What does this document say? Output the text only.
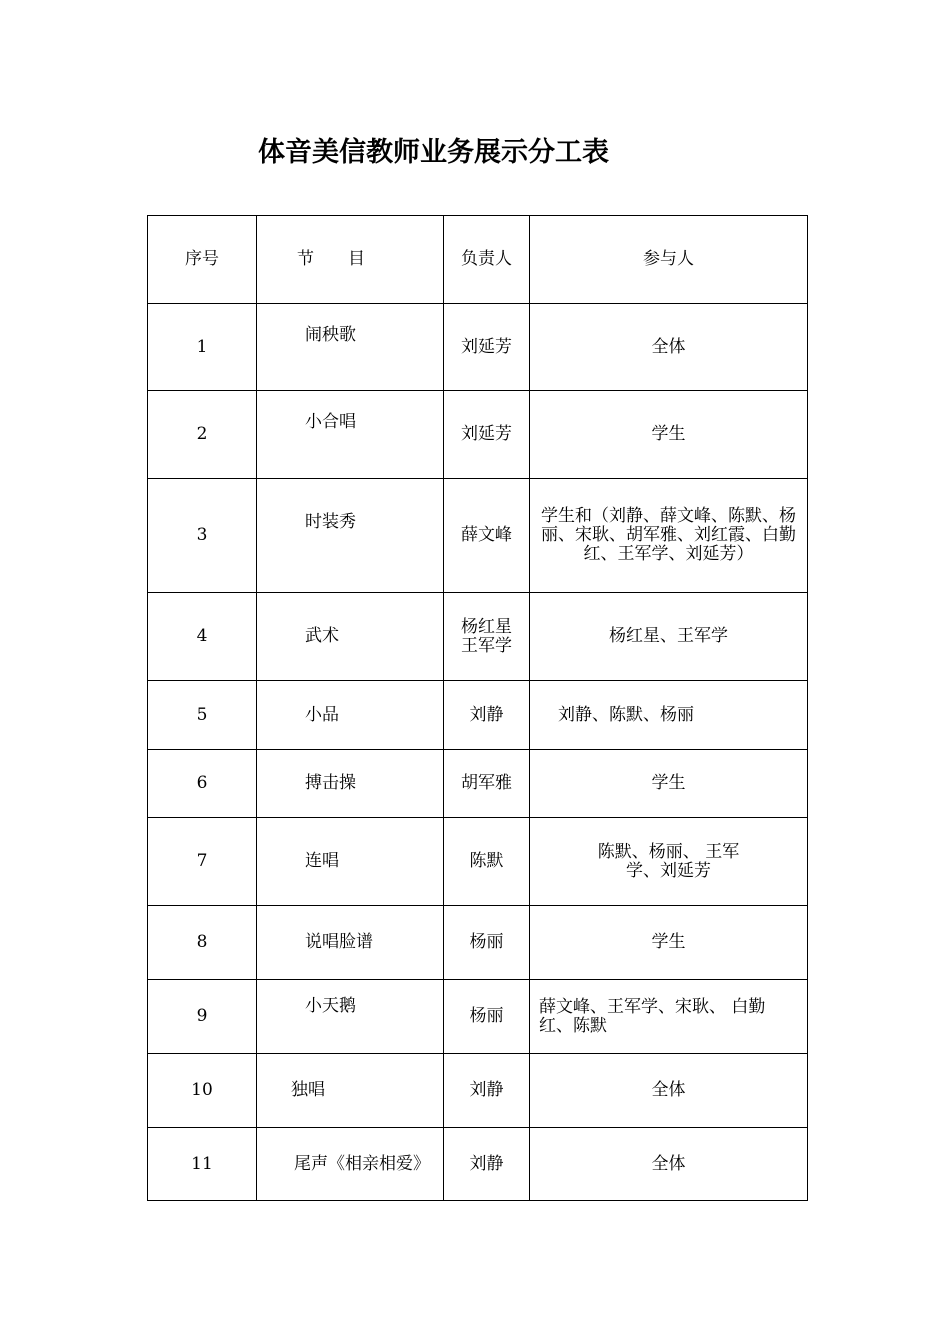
体音美信教师业务展示分工表
序号	节　　目	负责人	参与人
1	闹秧歌	刘延芳	全体
2	小合唱	刘延芳	学生
3	时装秀	薛文峰	学生和（刘静、薛文峰、陈默、杨丽、宋耿、胡军雅、刘红霞、白勤红、王军学、刘延芳）
4	武术	杨红星 王军学	杨红星、王军学
5	小品	刘静	刘静、陈默、杨丽
6	搏击操	胡军雅	学生
7	连唱	陈默	陈默、杨丽、 王军学、刘延芳
8	说唱脸谱	杨丽	学生
9	小天鹅	杨丽	薛文峰、王军学、宋耿、 白勤红、陈默
10	独唱	刘静	全体
11	尾声《相亲相爱》	刘静	全体
